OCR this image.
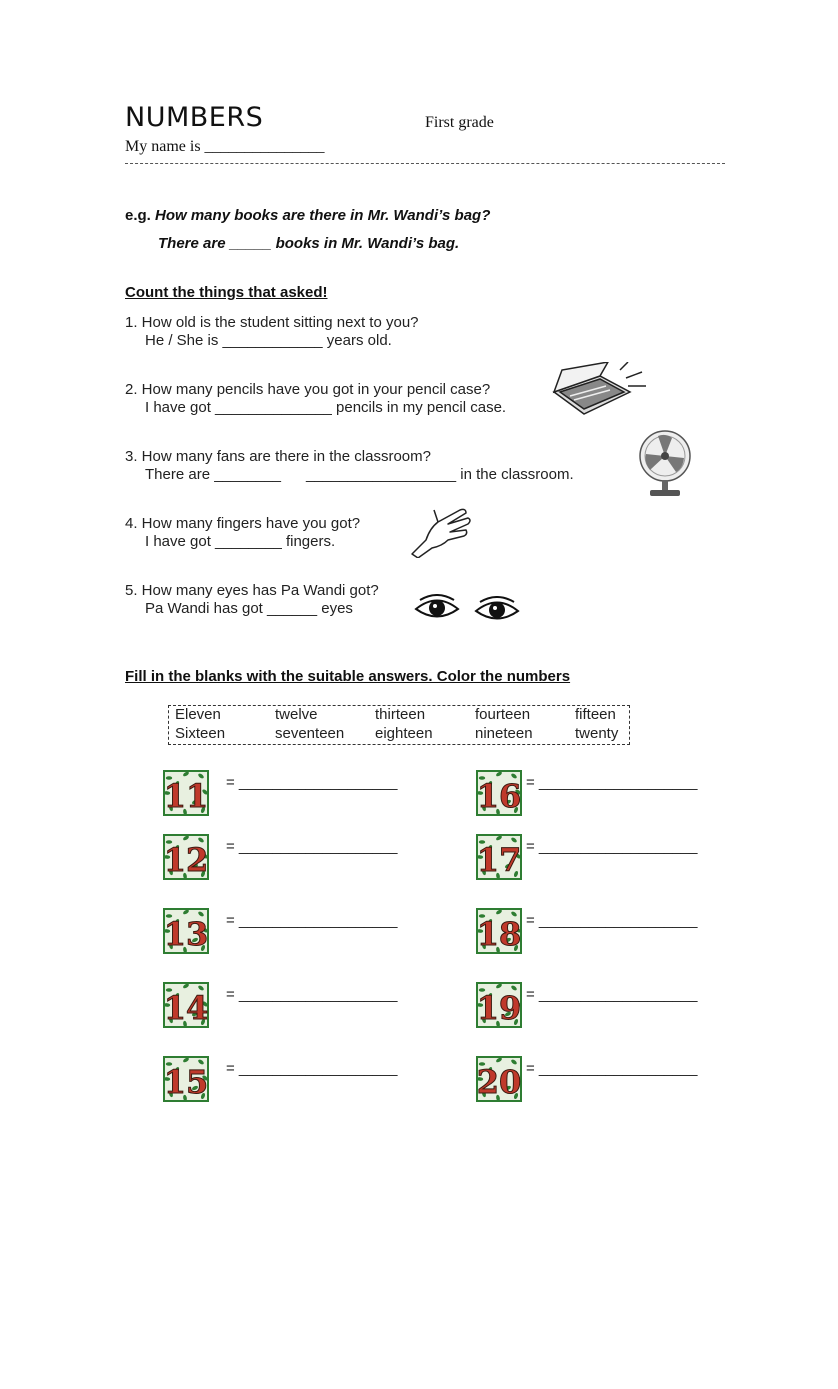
NUMBERS	First grade
My name is _______________
e.g. How many books are there in Mr. Wandi’s bag?
There are _____ books in Mr. Wandi’s bag.
Count the things that asked!
1. How old is the student sitting next to you?
He / She is ____________ years old.
2. How many pencils have you got in your pencil case?
I have got ______________ pencils in my pencil case.
3. How many fans are there in the classroom?
There are ________      __________________ in the classroom.
4. How many fingers have you got?
I have got ________ fingers.
5. How many eyes has Pa Wandi got?
Pa Wandi has got ______ eyes
Fill in the blanks with the suitable answers. Color the numbers
Eleven	twelve	thirteen	fourteen	fifteen
Sixteen	seventeen eighteen	nineteen	twenty
11 = ___________________
12 = ___________________
13 = ___________________
14 = ___________________
15 = ___________________
16 = ___________________
17 = ___________________
18 = ___________________
19 = ___________________
20 = ___________________
